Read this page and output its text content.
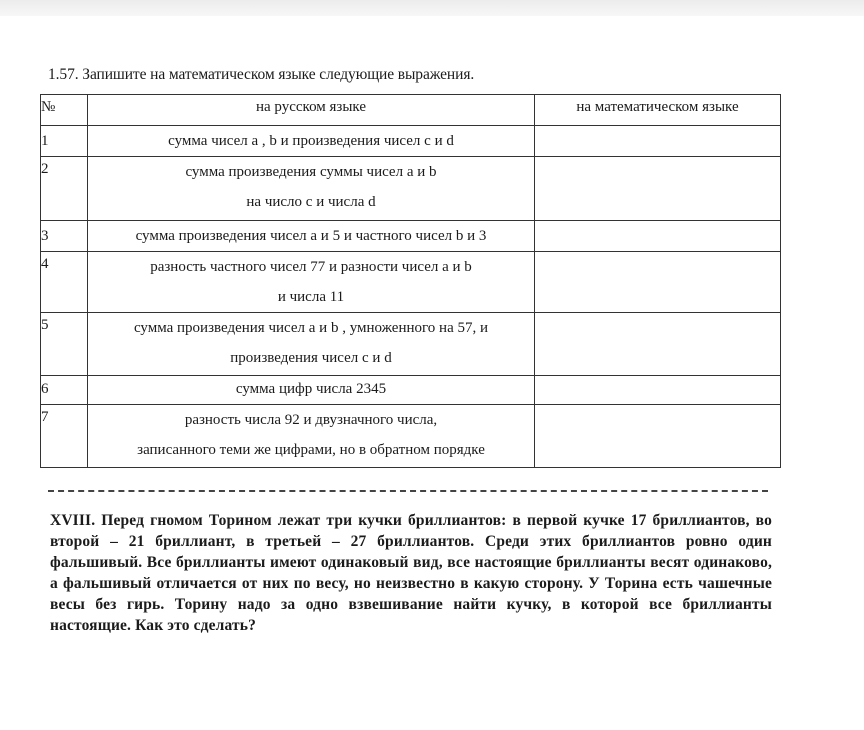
1.57. Запишите на математическом языке следующие выражения.
№	на русском языке	на математическом языке
1	сумма чисел a , b и произведения чисел c и d	

2	сумма произведения суммы чисел a и b
на число c и числа d	

3	сумма произведения чисел a и 5 и частного чисел b и 3	

4	разность частного чисел 77 и разности чисел a и b
и числа 11	

5	сумма произведения чисел a и b , умноженного на 57, и
произведения чисел c и d	

6	сумма цифр числа 2345	

7	разность числа 92 и двузначного числа,
записанного теми же цифрами, но в обратном порядке	

XVIII. Перед гномом Торином лежат три кучки бриллиантов: в первой кучке 17 бриллиантов, во второй – 21 бриллиант, в третьей – 27 бриллиантов. Среди этих бриллиантов ровно один фальшивый. Все бриллианты имеют одинаковый вид, все настоящие бриллианты весят одинаково, а фальшивый отличается от них по весу, но неизвестно в какую сторону. У Торина есть чашечные весы без гирь. Торину надо за одно взвешивание найти кучку, в которой все бриллианты настоящие. Как это сделать?
